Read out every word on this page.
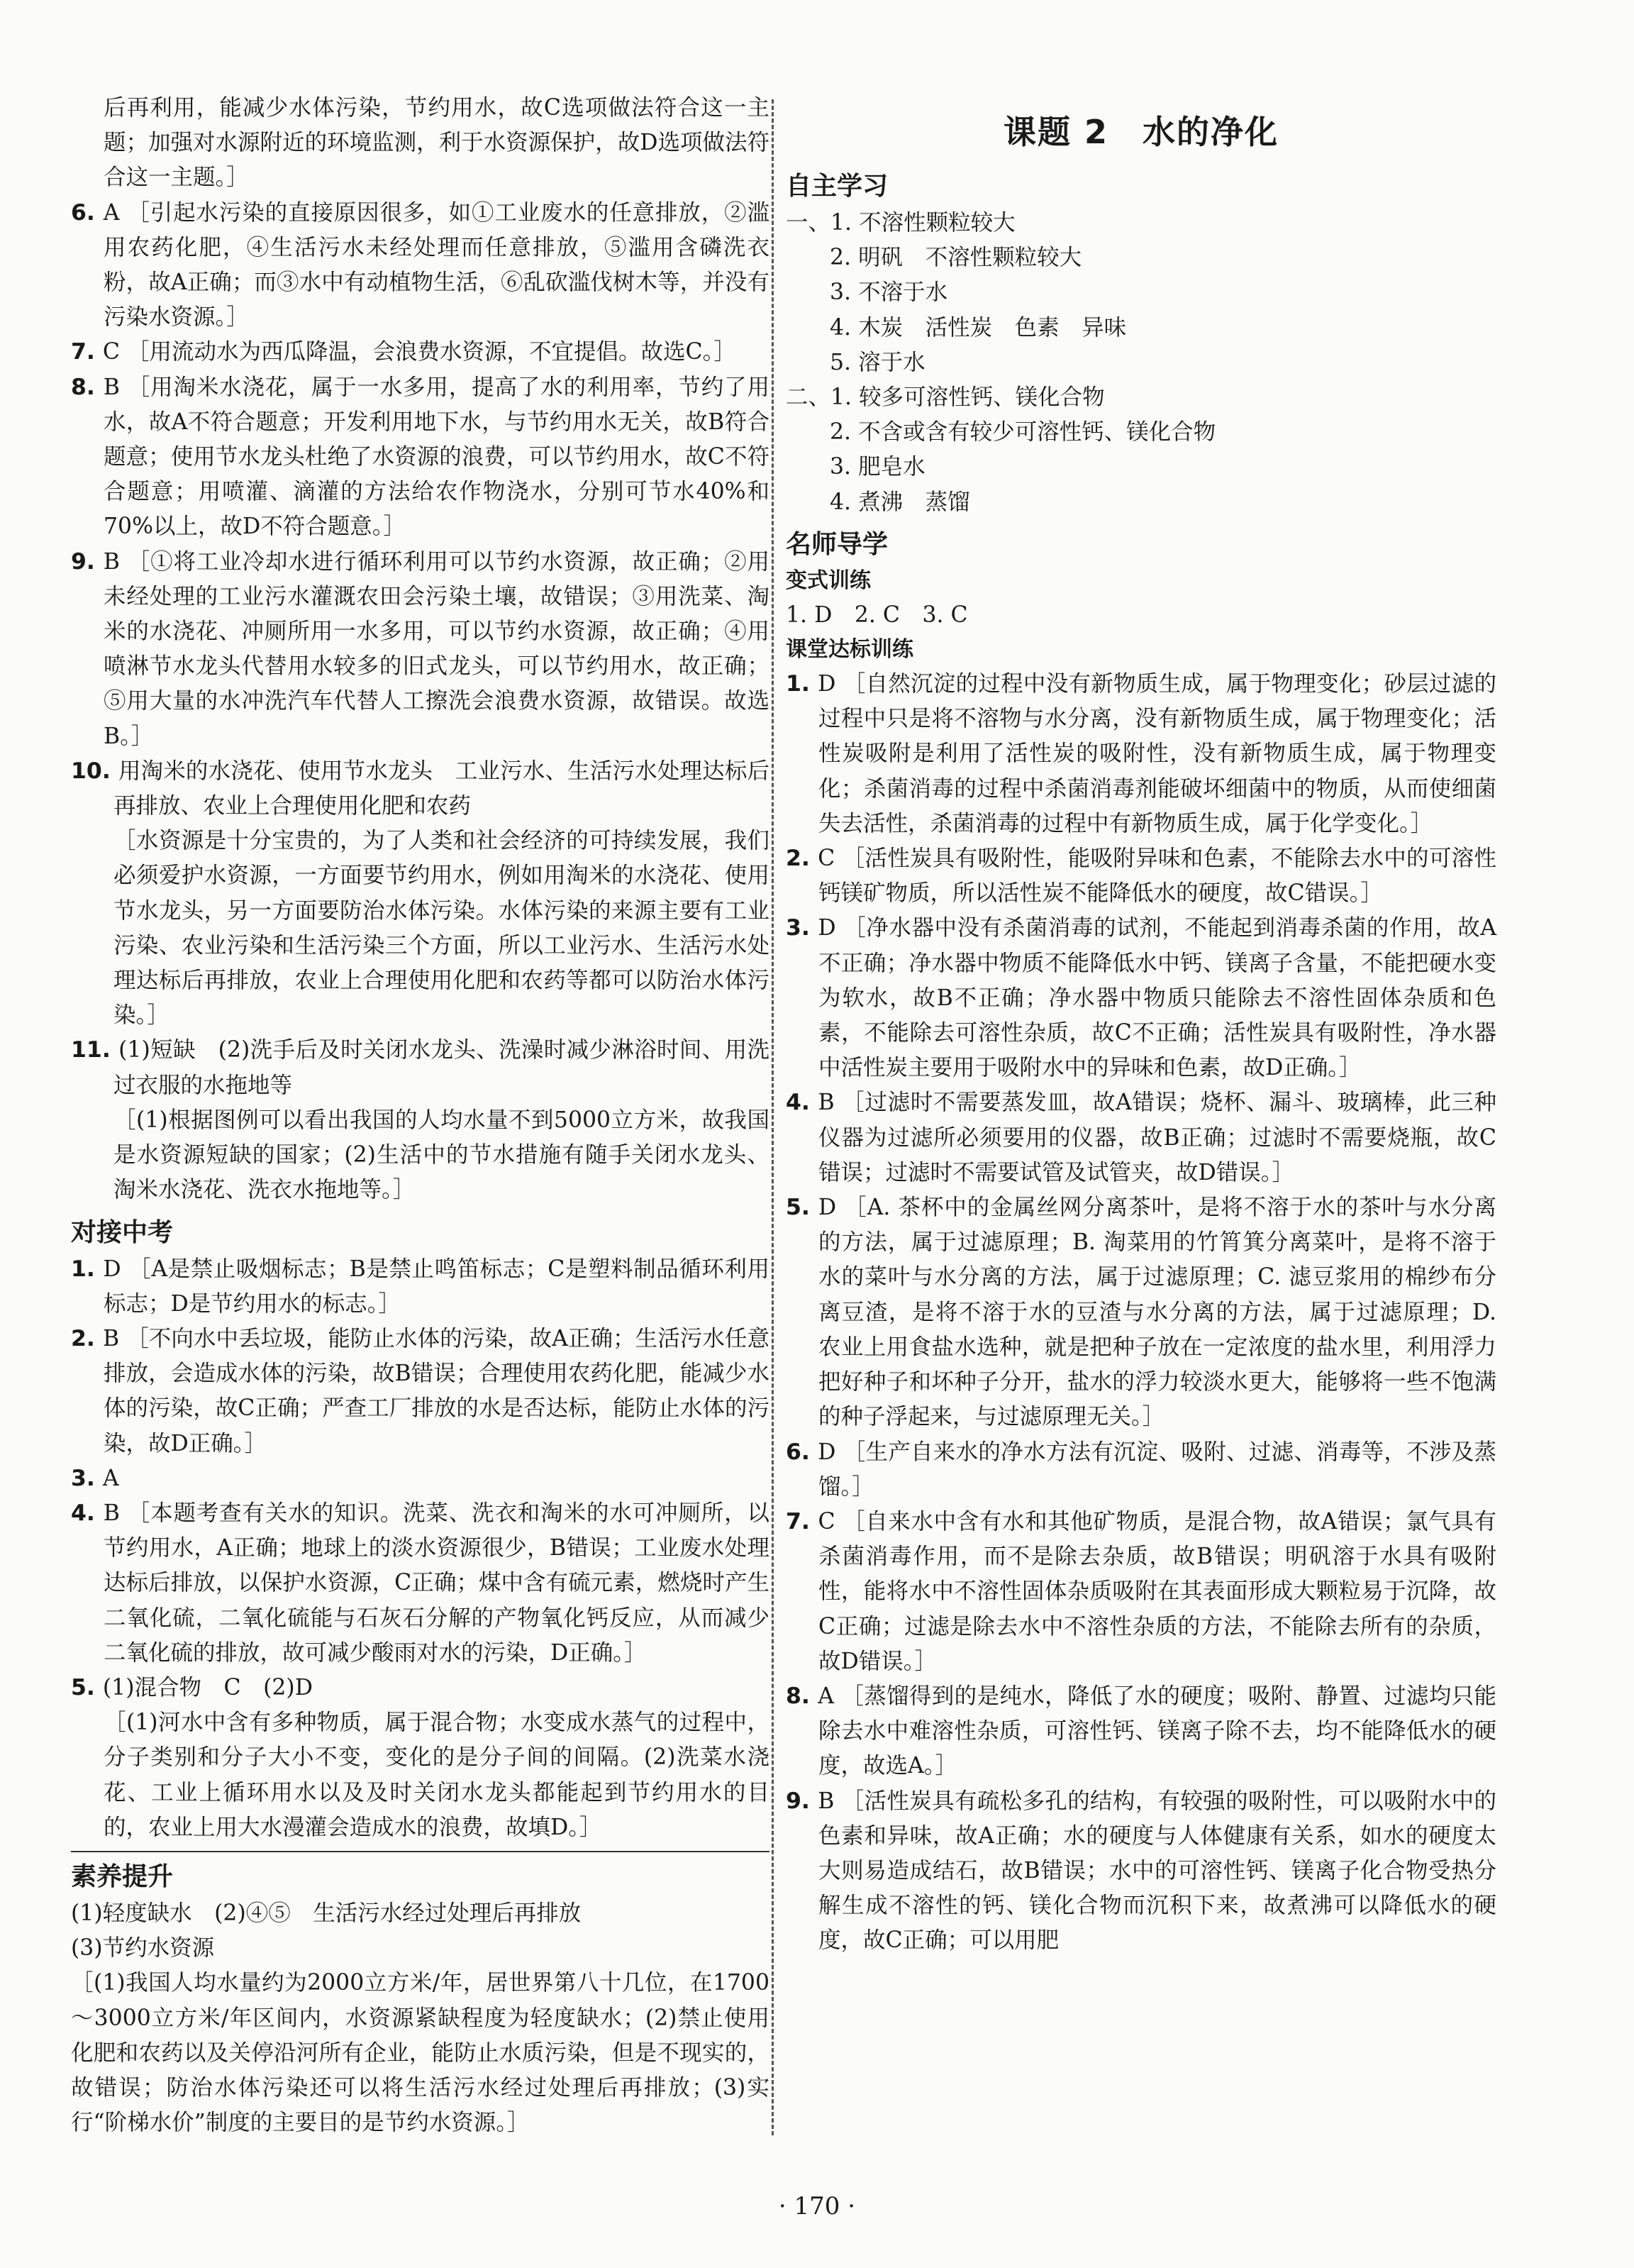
后再利用，能减少水体污染，节约用水，故C选项做法符合这一主题；加强对水源附近的环境监测，利于水资源保护，故D选项做法符合这一主题。］

6. A ［引起水污染的直接原因很多，如①工业废水的任意排放，②滥用农药化肥，④生活污水未经处理而任意排放，⑤滥用含磷洗衣粉，故A正确；而③水中有动植物生活，⑥乱砍滥伐树木等，并没有污染水资源。］

7. C ［用流动水为西瓜降温，会浪费水资源，不宜提倡。故选C。］

8. B ［用淘米水浇花，属于一水多用，提高了水的利用率，节约了用水，故A不符合题意；开发利用地下水，与节约用水无关，故B符合题意；使用节水龙头杜绝了水资源的浪费，可以节约用水，故C不符合题意；用喷灌、滴灌的方法给农作物浇水，分别可节水40%和70%以上，故D不符合题意。］

9. B ［①将工业冷却水进行循环利用可以节约水资源，故正确；②用未经处理的工业污水灌溉农田会污染土壤，故错误；③用洗菜、淘米的水浇花、冲厕所用一水多用，可以节约水资源，故正确；④用喷淋节水龙头代替用水较多的旧式龙头，可以节约用水，故正确；⑤用大量的水冲洗汽车代替人工擦洗会浪费水资源，故错误。故选B。］

10. 用淘米的水浇花、使用节水龙头　工业污水、生活污水处理达标后再排放、农业上合理使用化肥和农药

［水资源是十分宝贵的，为了人类和社会经济的可持续发展，我们必须爱护水资源，一方面要节约用水，例如用淘米的水浇花、使用节水龙头，另一方面要防治水体污染。水体污染的来源主要有工业污染、农业污染和生活污染三个方面，所以工业污水、生活污水处理达标后再排放，农业上合理使用化肥和农药等都可以防治水体污染。］

11. (1)短缺　(2)洗手后及时关闭水龙头、洗澡时减少淋浴时间、用洗过衣服的水拖地等

［(1)根据图例可以看出我国的人均水量不到5000立方米，故我国是水资源短缺的国家；(2)生活中的节水措施有随手关闭水龙头、淘米水浇花、洗衣水拖地等。］

对接中考

1. D ［A是禁止吸烟标志；B是禁止鸣笛标志；C是塑料制品循环利用标志；D是节约用水的标志。］

2. B ［不向水中丢垃圾，能防止水体的污染，故A正确；生活污水任意排放，会造成水体的污染，故B错误；合理使用农药化肥，能减少水体的污染，故C正确；严查工厂排放的水是否达标，能防止水体的污染，故D正确。］

3. A

4. B ［本题考查有关水的知识。洗菜、洗衣和淘米的水可冲厕所，以节约用水，A正确；地球上的淡水资源很少，B错误；工业废水处理达标后排放，以保护水资源，C正确；煤中含有硫元素，燃烧时产生二氧化硫，二氧化硫能与石灰石分解的产物氧化钙反应，从而减少二氧化硫的排放，故可减少酸雨对水的污染，D正确。］

5. (1)混合物　C　(2)D

［(1)河水中含有多种物质，属于混合物；水变成水蒸气的过程中，分子类别和分子大小不变，变化的是分子间的间隔。(2)洗菜水浇花、工业上循环用水以及及时关闭水龙头都能起到节约用水的目的，农业上用大水漫灌会造成水的浪费，故填D。］

素养提升

(1)轻度缺水　(2)④⑤　生活污水经过处理后再排放

(3)节约水资源

［(1)我国人均水量约为2000立方米/年，居世界第八十几位，在1700～3000立方米/年区间内，水资源紧缺程度为轻度缺水；(2)禁止使用化肥和农药以及关停沿河所有企业，能防止水质污染，但是不现实的，故错误；防治水体污染还可以将生活污水经过处理后再排放；(3)实行“阶梯水价”制度的主要目的是节约水资源。］

课题 2　水的净化

自主学习

一、1. 不溶性颗粒较大

2. 明矾　不溶性颗粒较大

3. 不溶于水

4. 木炭　活性炭　色素　异味

5. 溶于水

二、1. 较多可溶性钙、镁化合物

2. 不含或含有较少可溶性钙、镁化合物

3. 肥皂水

4. 煮沸　蒸馏

名师导学

变式训练

1. D　2. C　3. C

课堂达标训练

1. D ［自然沉淀的过程中没有新物质生成，属于物理变化；砂层过滤的过程中只是将不溶物与水分离，没有新物质生成，属于物理变化；活性炭吸附是利用了活性炭的吸附性，没有新物质生成，属于物理变化；杀菌消毒的过程中杀菌消毒剂能破坏细菌中的物质，从而使细菌失去活性，杀菌消毒的过程中有新物质生成，属于化学变化。］

2. C ［活性炭具有吸附性，能吸附异味和色素，不能除去水中的可溶性钙镁矿物质，所以活性炭不能降低水的硬度，故C错误。］

3. D ［净水器中没有杀菌消毒的试剂，不能起到消毒杀菌的作用，故A不正确；净水器中物质不能降低水中钙、镁离子含量，不能把硬水变为软水，故B不正确；净水器中物质只能除去不溶性固体杂质和色素，不能除去可溶性杂质，故C不正确；活性炭具有吸附性，净水器中活性炭主要用于吸附水中的异味和色素，故D正确。］

4. B ［过滤时不需要蒸发皿，故A错误；烧杯、漏斗、玻璃棒，此三种仪器为过滤所必须要用的仪器，故B正确；过滤时不需要烧瓶，故C错误；过滤时不需要试管及试管夹，故D错误。］

5. D ［A. 茶杯中的金属丝网分离茶叶，是将不溶于水的茶叶与水分离的方法，属于过滤原理；B. 淘菜用的竹筲箕分离菜叶，是将不溶于水的菜叶与水分离的方法，属于过滤原理；C. 滤豆浆用的棉纱布分离豆渣，是将不溶于水的豆渣与水分离的方法，属于过滤原理；D. 农业上用食盐水选种，就是把种子放在一定浓度的盐水里，利用浮力把好种子和坏种子分开，盐水的浮力较淡水更大，能够将一些不饱满的种子浮起来，与过滤原理无关。］

6. D ［生产自来水的净水方法有沉淀、吸附、过滤、消毒等，不涉及蒸馏。］

7. C ［自来水中含有水和其他矿物质，是混合物，故A错误；氯气具有杀菌消毒作用，而不是除去杂质，故B错误；明矾溶于水具有吸附性，能将水中不溶性固体杂质吸附在其表面形成大颗粒易于沉降，故C正确；过滤是除去水中不溶性杂质的方法，不能除去所有的杂质，故D错误。］

8. A ［蒸馏得到的是纯水，降低了水的硬度；吸附、静置、过滤均只能除去水中难溶性杂质，可溶性钙、镁离子除不去，均不能降低水的硬度，故选A。］

9. B ［活性炭具有疏松多孔的结构，有较强的吸附性，可以吸附水中的色素和异味，故A正确；水的硬度与人体健康有关系，如水的硬度太大则易造成结石，故B错误；水中的可溶性钙、镁离子化合物受热分解生成不溶性的钙、镁化合物而沉积下来，故煮沸可以降低水的硬度，故C正确；可以用肥

· 170 ·
